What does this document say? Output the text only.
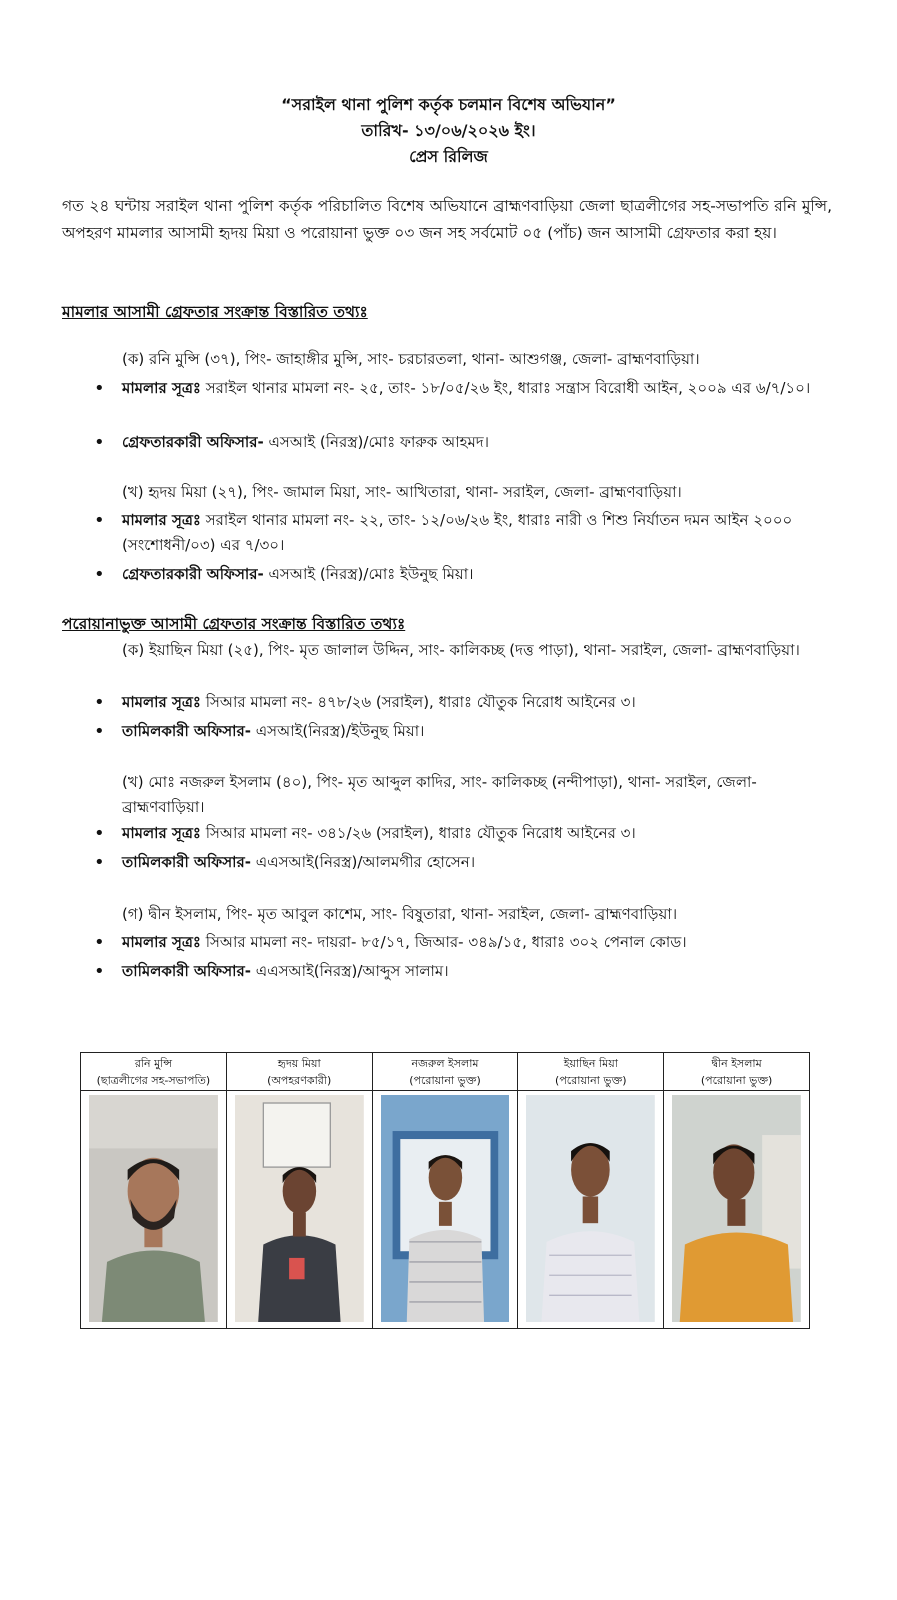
“সরাইল থানা পুলিশ কর্তৃক চলমান বিশেষ অভিযান”
তারিখ- ১৩/০৬/২০২৬ ইং।
প্রেস রিলিজ
গত ২৪ ঘন্টায় সরাইল থানা পুলিশ কর্তৃক পরিচালিত বিশেষ অভিযানে ব্রাহ্মণবাড়িয়া জেলা ছাত্রলীগের সহ-সভাপতি রনি মুন্সি, অপহরণ মামলার আসামী হৃদয় মিয়া ও পরোয়ানা ভুক্ত ০৩ জন সহ সর্বমোট ০৫ (পাঁচ) জন আসামী গ্রেফতার করা হয়।
মামলার আসামী গ্রেফতার সংক্রান্ত বিস্তারিত তথ্যঃ
(ক) রনি মুন্সি (৩৭), পিং- জাহাঙ্গীর মুন্সি, সাং- চরচারতলা, থানা- আশুগঞ্জ, জেলা- ব্রাহ্মণবাড়িয়া।
• মামলার সূত্রঃ সরাইল থানার মামলা নং- ২৫, তাং- ১৮/০৫/২৬ ইং, ধারাঃ সন্ত্রাস বিরোধী আইন, ২০০৯ এর ৬/৭/১০।
• গ্রেফতারকারী অফিসার- এসআই (নিরস্ত্র)/মোঃ ফারুক আহমদ।
(খ) হৃদয় মিয়া (২৭), পিং- জামাল মিয়া, সাং- আখিতারা, থানা- সরাইল, জেলা- ব্রাহ্মণবাড়িয়া।
• মামলার সূত্রঃ সরাইল থানার মামলা নং- ২২, তাং- ১২/০৬/২৬ ইং, ধারাঃ নারী ও শিশু নির্যাতন দমন আইন ২০০০ (সংশোধনী/০৩) এর ৭/৩০।
• গ্রেফতারকারী অফিসার- এসআই (নিরস্ত্র)/মোঃ ইউনুছ মিয়া।
পরোয়ানাভুক্ত আসামী গ্রেফতার সংক্রান্ত বিস্তারিত তথ্যঃ
(ক) ইয়াছিন মিয়া (২৫), পিং- মৃত জালাল উদ্দিন, সাং- কালিকচ্ছ (দত্ত পাড়া), থানা- সরাইল, জেলা- ব্রাহ্মণবাড়িয়া।
• মামলার সূত্রঃ সিআর মামলা নং- ৪৭৮/২৬ (সরাইল), ধারাঃ যৌতুক নিরোধ আইনের ৩।
• তামিলকারী অফিসার- এসআই(নিরস্ত্র)/ইউনুছ মিয়া।
(খ) মোঃ নজরুল ইসলাম (৪০), পিং- মৃত আব্দুল কাদির, সাং- কালিকচ্ছ (নন্দীপাড়া), থানা- সরাইল, জেলা- ব্রাহ্মণবাড়িয়া।
• মামলার সূত্রঃ সিআর মামলা নং- ৩৪১/২৬ (সরাইল), ধারাঃ যৌতুক নিরোধ আইনের ৩।
• তামিলকারী অফিসার- এএসআই(নিরস্ত্র)/আলমগীর হোসেন।
(গ) দ্বীন ইসলাম, পিং- মৃত আবুল কাশেম, সাং- বিষুতারা, থানা- সরাইল, জেলা- ব্রাহ্মণবাড়িয়া।
• মামলার সূত্রঃ সিআর মামলা নং- দায়রা- ৮৫/১৭, জিআর- ৩৪৯/১৫, ধারাঃ ৩০২ পেনাল কোড।
• তামিলকারী অফিসার- এএসআই(নিরস্ত্র)/আব্দুস সালাম।
রনি মুন্সি
(ছাত্রলীগের সহ-সভাপতি)
হৃদয় মিয়া
(অপহরণকারী)
নজরুল ইসলাম
(পরোয়ানা ভুক্ত)
ইয়াছিন মিয়া
(পরোয়ানা ভুক্ত)
দ্বীন ইসলাম
(পরোয়ানা ভুক্ত)
